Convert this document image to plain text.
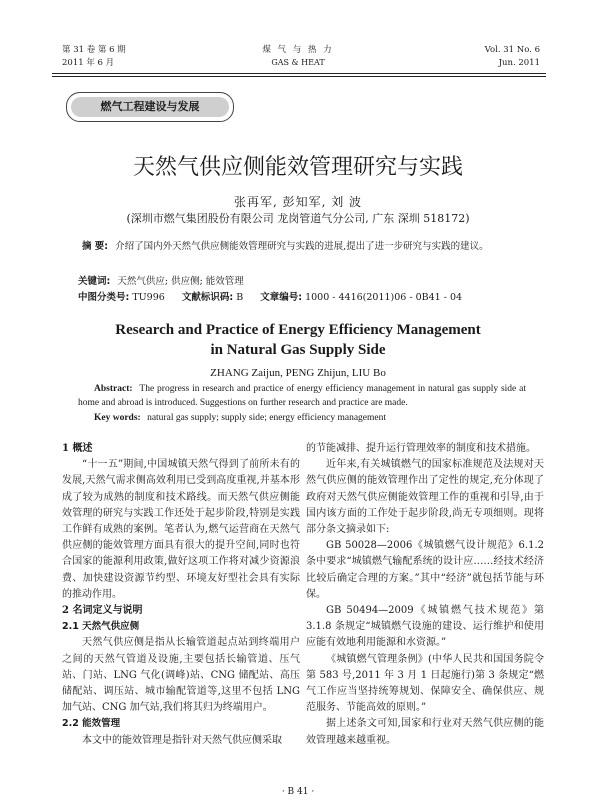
第 31 卷 第 6 期
2011 年 6 月
煤 气 与 热 力
GAS & HEAT
Vol. 31 No. 6
Jun. 2011
燃气工程建设与发展
天然气供应侧能效管理研究与实践
张再军, 彭知军, 刘 波
(深圳市燃气集团股份有限公司 龙岗管道气分公司, 广东 深圳 518172)
摘 要: 介绍了国内外天然气供应侧能效管理研究与实践的进展,提出了进一步研究与实践的建议。
关键词: 天然气供应; 供应侧; 能效管理
中图分类号: TU996 文献标识码: B 文章编号: 1000 - 4416(2011)06 - 0B41 - 04
Research and Practice of Energy Efficiency Management
in Natural Gas Supply Side
ZHANG Zaijun, PENG Zhijun, LIU Bo
Abstract: The progress in research and practice of energy efficiency management in natural gas supply side at home and abroad is introduced. Suggestions on further research and practice are made.
Key words: natural gas supply; supply side; energy efficiency management
1 概述

“十一五”期间,中国城镇天然气得到了前所未有的发展,天然气需求侧高效利用已受到高度重视,并基本形成了较为成熟的制度和技术路线。而天然气供应侧能效管理的研究与实践工作还处于起步阶段,特别是实践工作鲜有成熟的案例。笔者认为,燃气运营商在天然气供应侧的能效管理方面具有很大的提升空间,同时也符合国家的能源利用政策,做好这项工作将对减少资源浪费、加快建设资源节约型、环境友好型社会具有实际的推动作用。

2 名词定义与说明
2.1 天然气供应侧

天然气供应侧是指从长输管道起点站到终端用户之间的天然气管道及设施,主要包括长输管道、压气站、门站、LNG 气化(调峰)站、CNG 储配站、高压储配站、调压站、城市输配管道等,这里不包括 LNG 加气站、CNG 加气站,我们将其归为终端用户。

2.2 能效管理

本文中的能效管理是指针对天然气供应侧采取

的节能减排、提升运行管理效率的制度和技术措施。

近年来,有关城镇燃气的国家标准规范及法规对天然气供应侧的能效管理作出了定性的规定,充分体现了政府对天然气供应侧能效管理工作的重视和引导,由于国内该方面的工作处于起步阶段,尚无专项细则。现将部分条文摘录如下:

GB 50028—2006《城镇燃气设计规范》6.1.2 条中要求“城镇燃气输配系统的设计应……经技术经济比较后确定合理的方案。”其中“经济”就包括节能与环保。

GB 50494—2009《城镇燃气技术规范》第 3.1.8 条规定“城镇燃气设施的建设、运行维护和使用应能有效地利用能源和水资源。”

《城镇燃气管理条例》(中华人民共和国国务院令第 583 号,2011 年 3 月 1 日起施行)第 3 条规定“燃气工作应当坚持统筹规划、保障安全、确保供应、规范服务、节能高效的原则。”

据上述条文可知,国家和行业对天然气供应侧的能效管理越来越重视。

· B 41 ·
